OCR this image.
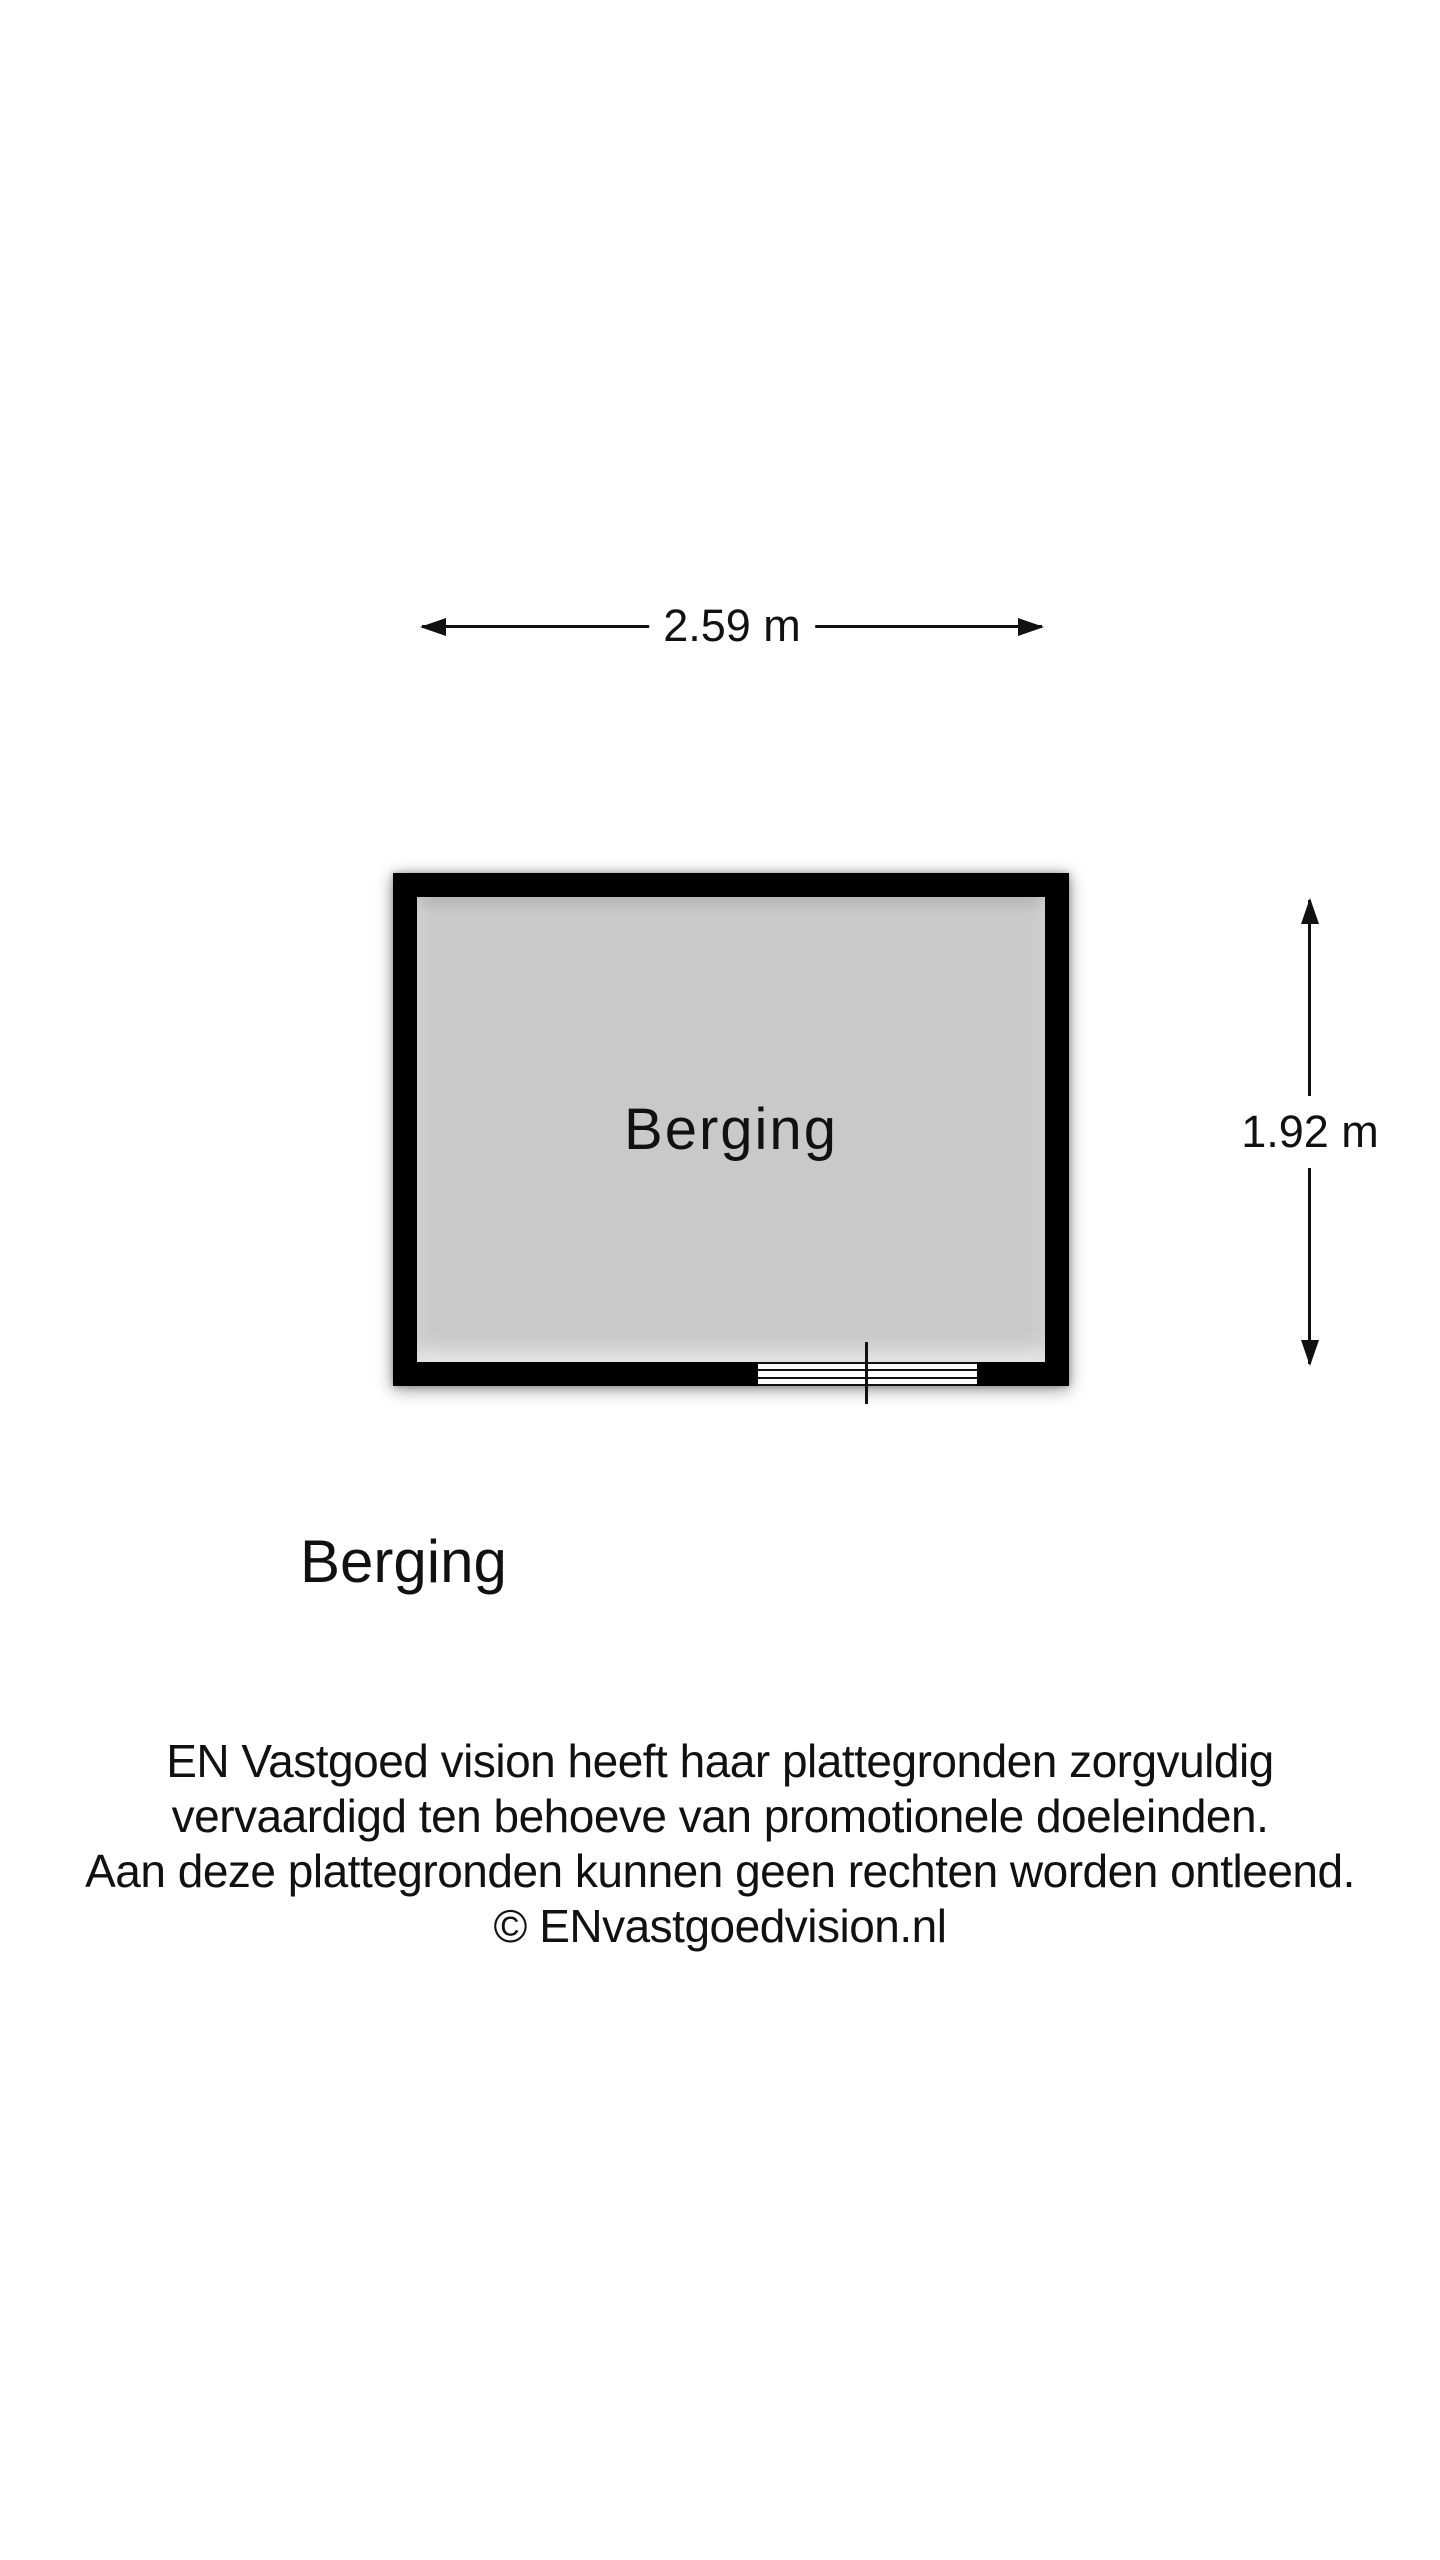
2.59 m
Berging	1.92 m
Berging
EN Vastgoed vision heeft haar plattegronden zorgvuldig
vervaardigd ten behoeve van promotionele doeleinden.
Aan deze plattegronden kunnen geen rechten worden ontleend.
© ENvastgoedvision.nl
